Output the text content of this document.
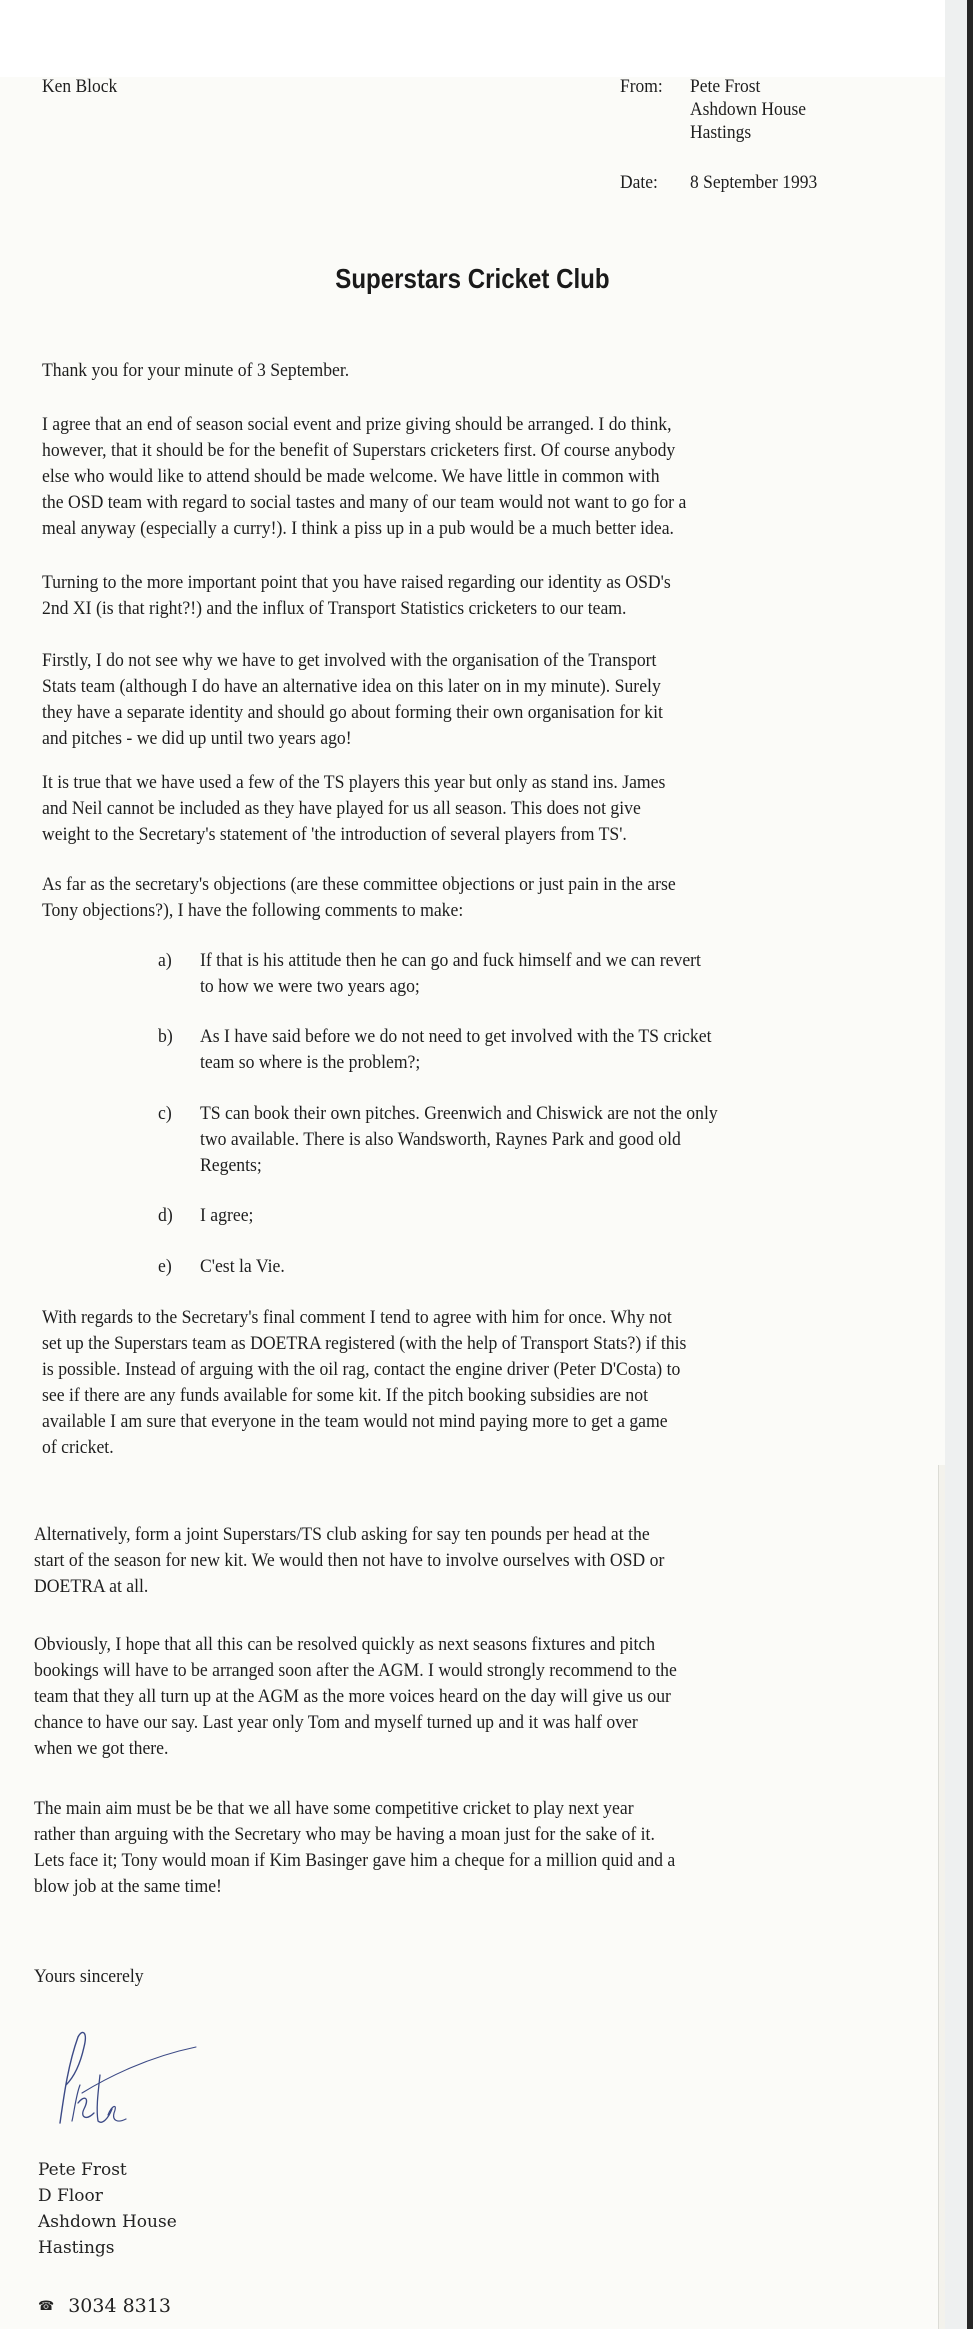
Ken Block	From: Pete Frost
Ashdown House
Hastings
Date: 8 September 1993
Superstars Cricket Club
Thank you for your minute of 3 September.
I agree that an end of season social event and prize giving should be arranged. I do think,
however, that it should be for the benefit of Superstars cricketers first. Of course anybody
else who would like to attend should be made welcome. We have little in common with
the OSD team with regard to social tastes and many of our team would not want to go for a
meal anyway (especially a curry!). I think a piss up in a pub would be a much better idea.
Turning to the more important point that you have raised regarding our identity as OSD's
2nd XI (is that right?!) and the influx of Transport Statistics cricketers to our team.
Firstly, I do not see why we have to get involved with the organisation of the Transport
Stats team (although I do have an alternative idea on this later on in my minute). Surely
they have a separate identity and should go about forming their own organisation for kit
and pitches - we did up until two years ago!
It is true that we have used a few of the TS players this year but only as stand ins. James
and Neil cannot be included as they have played for us all season. This does not give
weight to the Secretary's statement of 'the introduction of several players from TS'.
As far as the secretary's objections (are these committee objections or just pain in the arse
Tony objections?), I have the following comments to make:
a) If that is his attitude then he can go and fuck himself and we can revert
to how we were two years ago;
b) As I have said before we do not need to get involved with the TS cricket
team so where is the problem?;
c) TS can book their own pitches. Greenwich and Chiswick are not the only
two available. There is also Wandsworth, Raynes Park and good old
Regents;
d) I agree;
e) C'est la Vie.
With regards to the Secretary's final comment I tend to agree with him for once. Why not
set up the Superstars team as DOETRA registered (with the help of Transport Stats?) if this
is possible. Instead of arguing with the oil rag, contact the engine driver (Peter D'Costa) to
see if there are any funds available for some kit. If the pitch booking subsidies are not
available I am sure that everyone in the team would not mind paying more to get a game
of cricket.
Alternatively, form a joint Superstars/TS club asking for say ten pounds per head at the
start of the season for new kit. We would then not have to involve ourselves with OSD or
DOETRA at all.
Obviously, I hope that all this can be resolved quickly as next seasons fixtures and pitch
bookings will have to be arranged soon after the AGM. I would strongly recommend to the
team that they all turn up at the AGM as the more voices heard on the day will give us our
chance to have our say. Last year only Tom and myself turned up and it was half over
when we got there.
The main aim must be be that we all have some competitive cricket to play next year
rather than arguing with the Secretary who may be having a moan just for the sake of it.
Lets face it; Tony would moan if Kim Basinger gave him a cheque for a million quid and a
blow job at the same time!
Yours sincerely
Pete Frost
D Floor
Ashdown House
Hastings
☎ 3034 8313
